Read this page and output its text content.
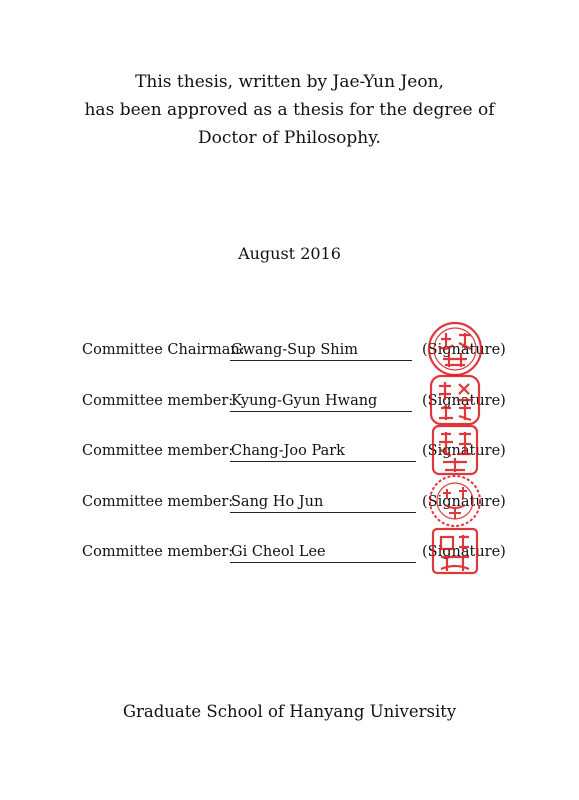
This thesis, written by Jae-Yun Jeon,
has been approved as a thesis for the degree of
Doctor of Philosophy.
August 2016
Committee Chairman:
Gwang-Sup Shim	(Signature)
Committee member:
Kyung-Gyun Hwang	(Signature)
Committee member:
Chang-Joo Park	(Signature)
Committee member:
Sang Ho Jun	(Signature)
Committee member:
Gi Cheol Lee	(Signature)
Graduate School of Hanyang University
